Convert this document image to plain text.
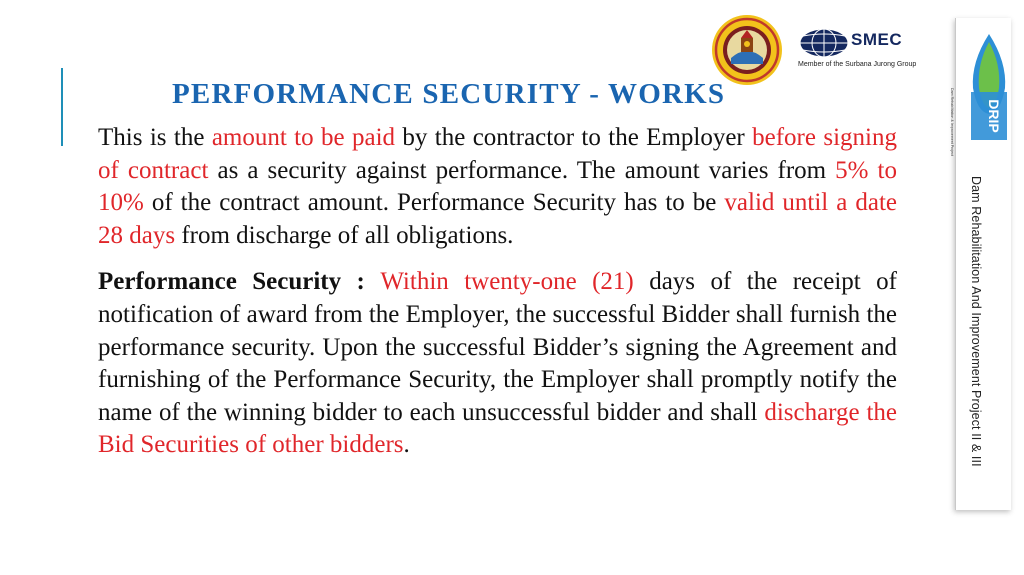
PERFORMANCE SECURITY - WORKS

This is the amount to be paid by the contractor to the Employer before signing of contract as a security against performance. The amount varies from 5% to 10% of the contract amount. Performance Security has to be valid until a date 28 days from discharge of all obligations.

Performance Security : Within twenty-one (21) days of the receipt of notification of award from the Employer, the successful Bidder shall furnish the performance security. Upon the successful Bidder’s signing the Agreement and furnishing of the Performance Security, the Employer shall promptly notify the name of the winning bidder to each unsuccessful bidder and shall discharge the Bid Securities of other bidders.

SMEC
Member of the Surbana Jurong Group
DRIP
Dam Rehabilitation & Improvement Project
Dam Rehabilitation And Improvement Project II & III
